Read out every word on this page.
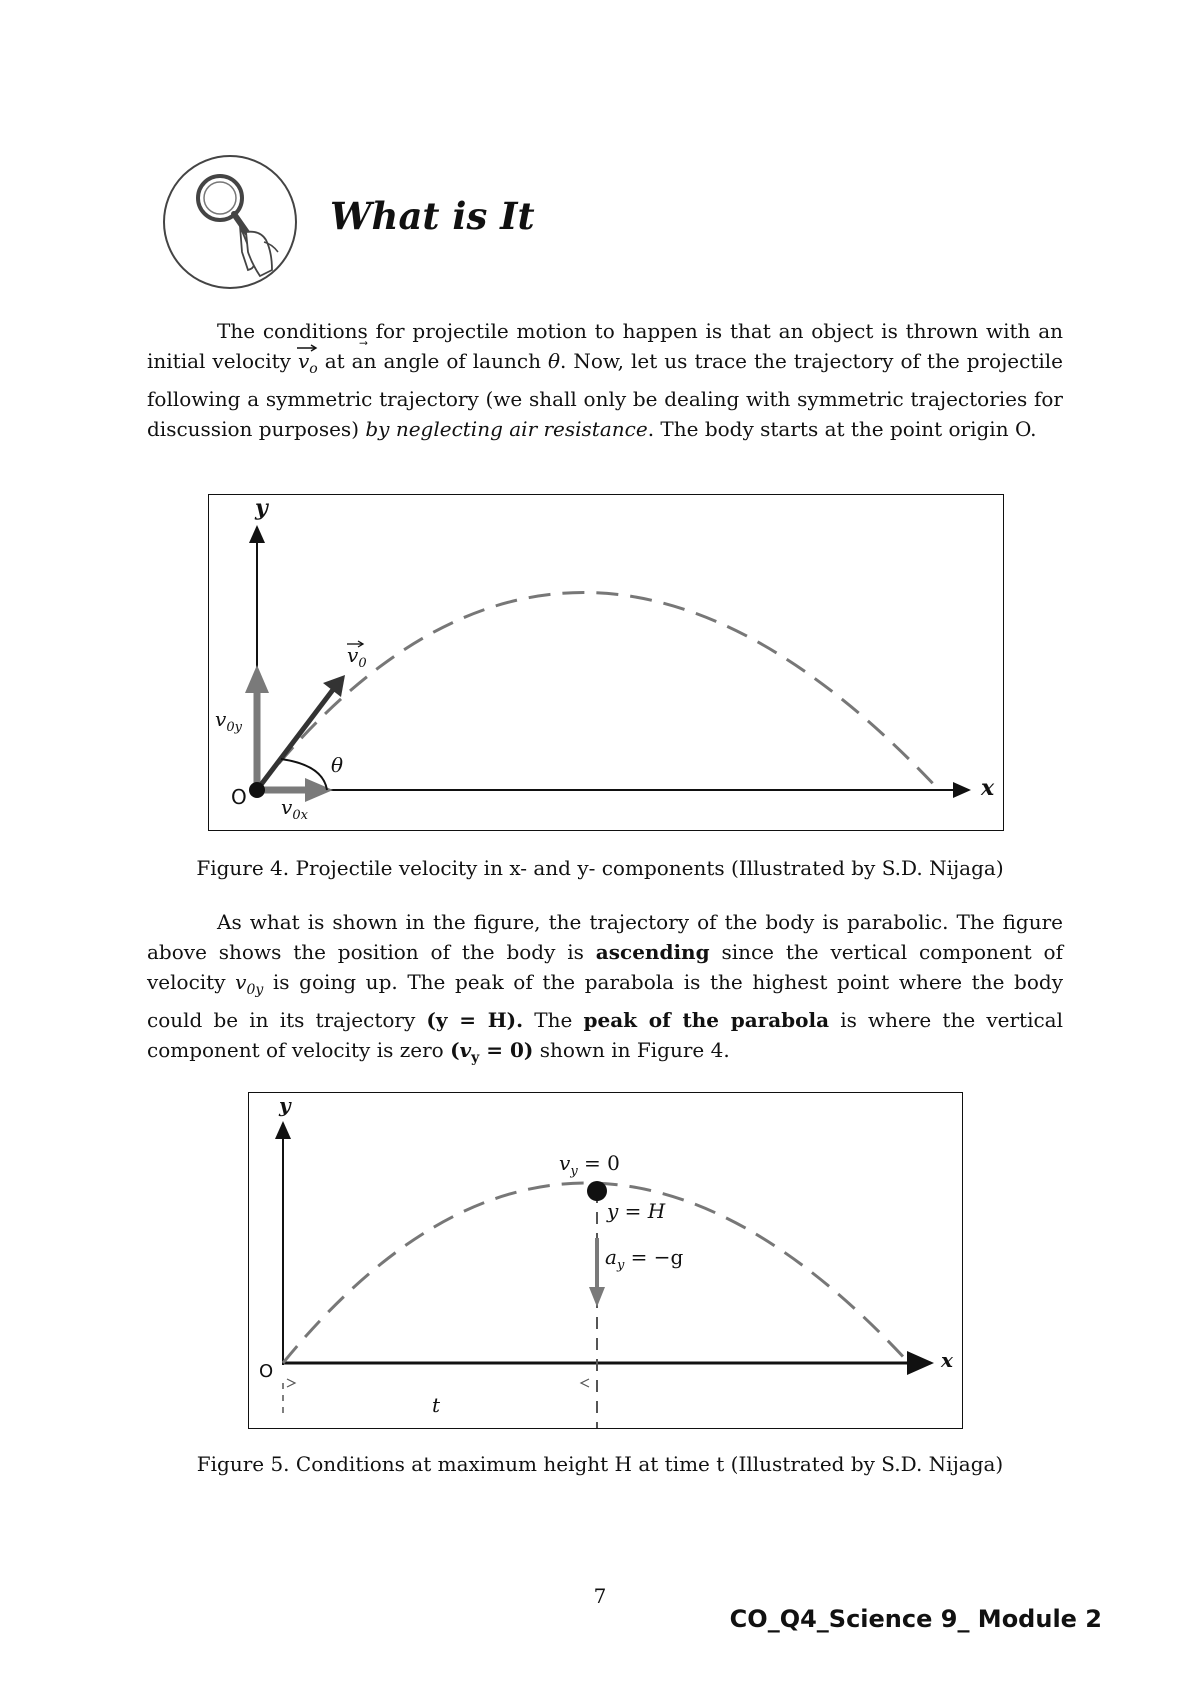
What is It
The conditions for projectile motion to happen is that an object is thrown with an initial velocity
$v_o$ at an angle of launch θ. Now, let us trace the trajectory of the projectile following a symmetric trajectory (we shall only be dealing with symmetric trajectories for discussion purposes) by neglecting air resistance. The body starts at the point origin O.
y
x
O
$v_0$
$v_{0y}$
$v_{0x}$
θ
Figure 4. Projectile velocity in x- and y- components (Illustrated by S.D. Nijaga)
As what is shown in the figure, the trajectory of the body is parabolic. The figure above shows the position of the body is ascending since the vertical component of velocity $v_{0y}$ is going up. The peak of the parabola is the highest point where the body could be in its trajectory (y = H). The peak of the parabola is where the vertical component of velocity is zero $(v_y = 0)$ shown in Figure 4.
y
x
O
$v_y = 0$
y = H
$a_y = -g$
t
Figure 5. Conditions at maximum height H at time t (Illustrated by S.D. Nijaga)
7
CO_Q4_Science 9_ Module 2
